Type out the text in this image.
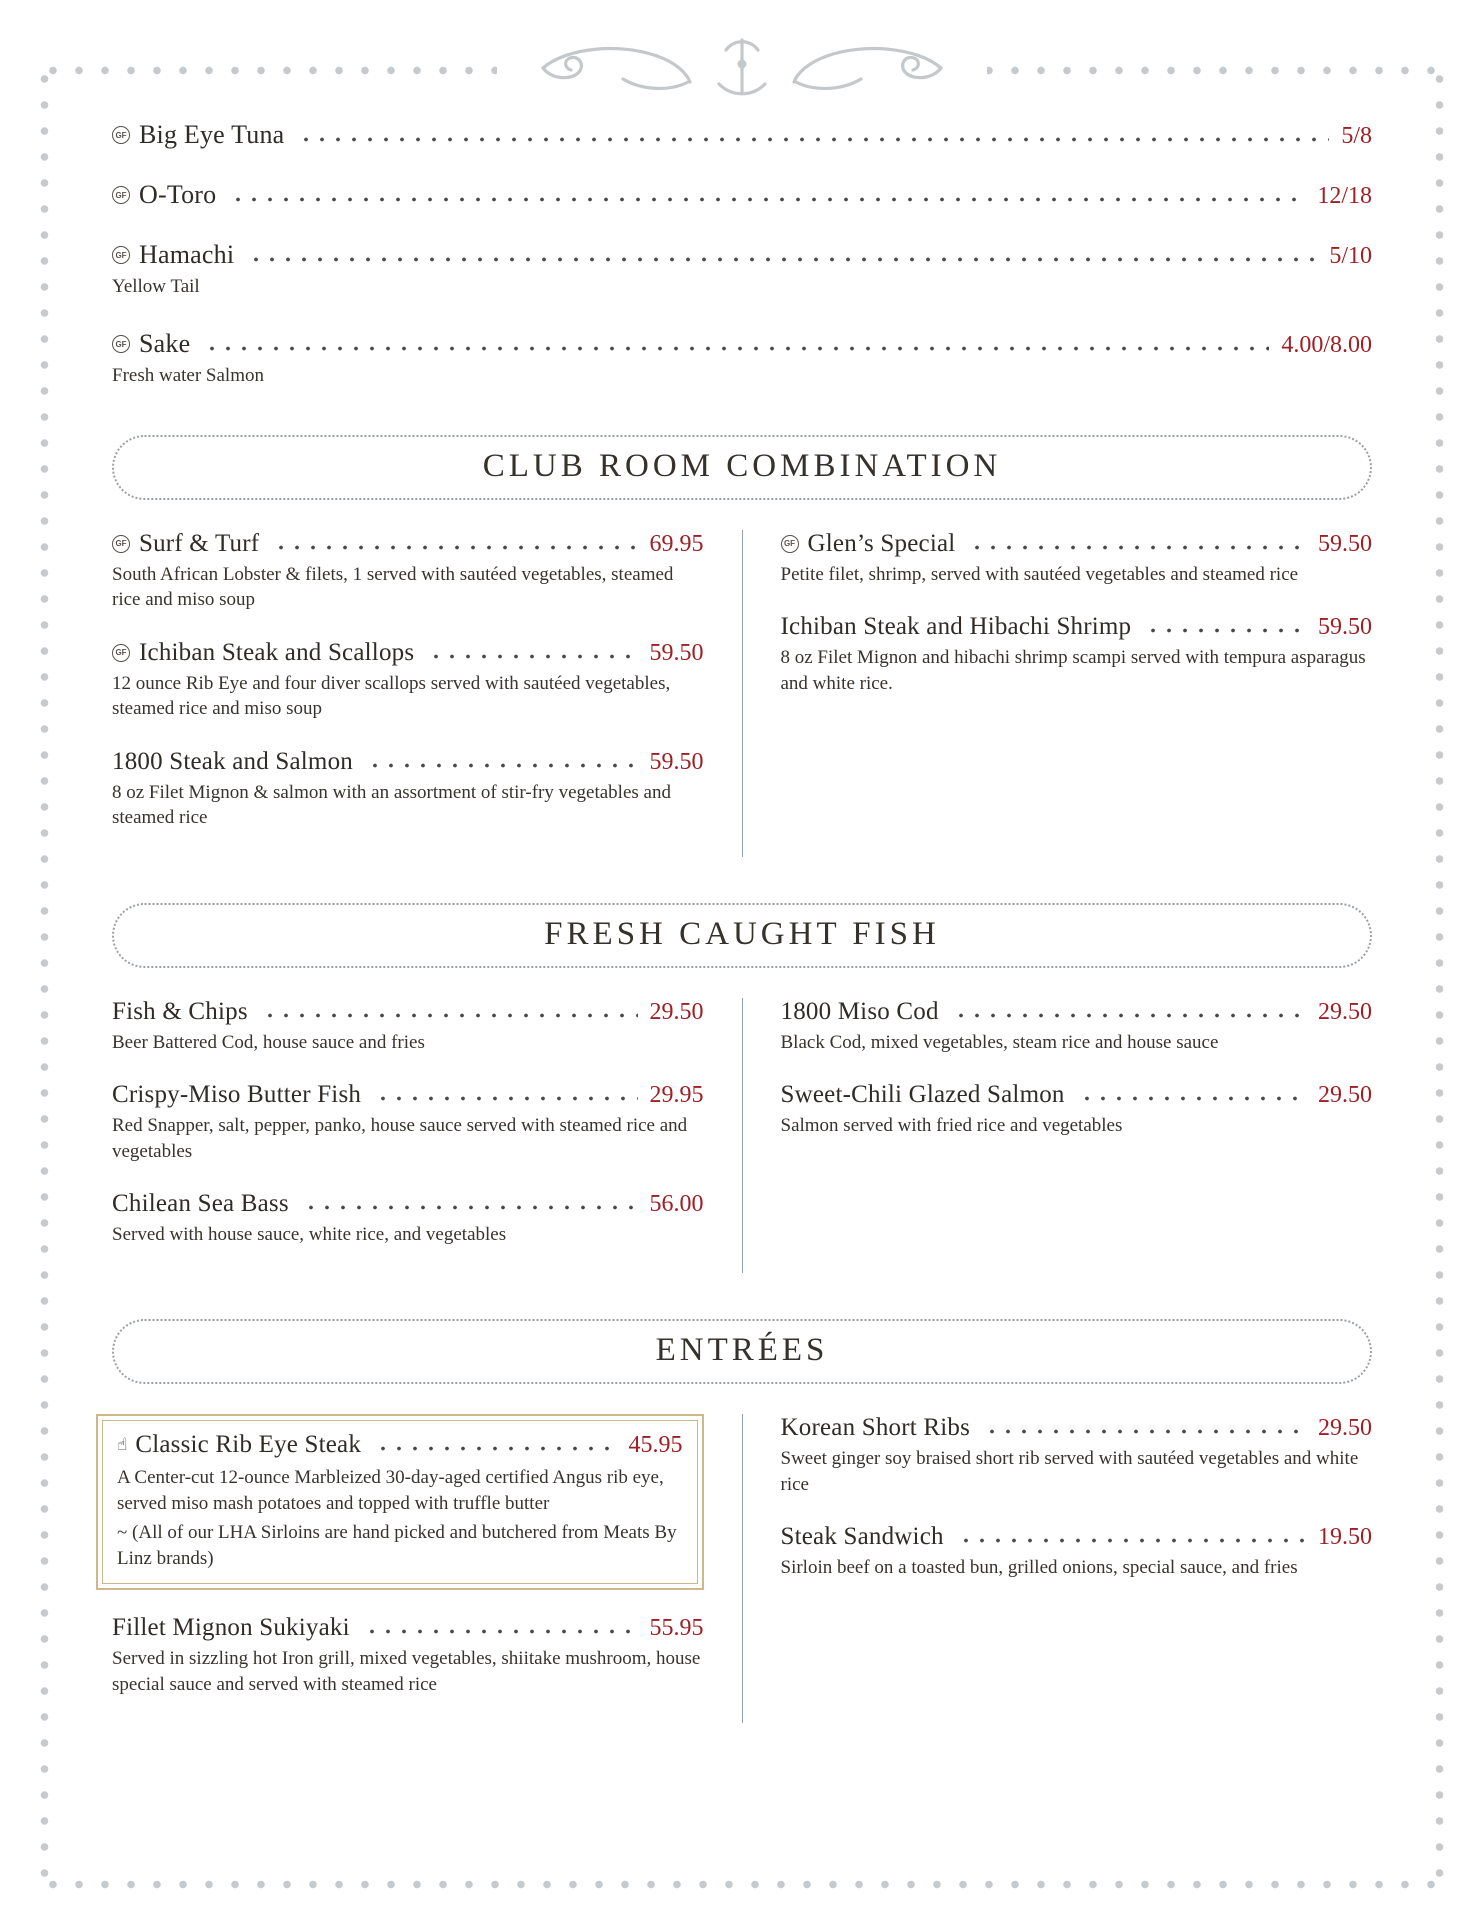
GF Big Eye Tuna	5/8
GF O-Toro	12/18
GF Hamachi	5/10
Yellow Tail
GF Sake	4.00/8.00
Fresh water Salmon
CLUB ROOM COMBINATION
GF Surf & Turf	69.95
South African Lobster & filets, 1 served with sautéed vegetables, steamed rice and miso soup
GF Ichiban Steak and Scallops	59.50
12 ounce Rib Eye and four diver scallops served with sautéed vegetables, steamed rice and miso soup
1800 Steak and Salmon	59.50
8 oz Filet Mignon & salmon with an assortment of stir-fry vegetables and steamed rice
GF Glen’s Special	59.50
Petite filet, shrimp, served with sautéed vegetables and steamed rice
Ichiban Steak and Hibachi Shrimp	59.50
8 oz Filet Mignon and hibachi shrimp scampi served with tempura asparagus and white rice.
FRESH CAUGHT FISH
Fish & Chips	29.50
Beer Battered Cod, house sauce and fries
Crispy-Miso Butter Fish	29.95
Red Snapper, salt, pepper, panko, house sauce served with steamed rice and vegetables
Chilean Sea Bass	56.00
Served with house sauce, white rice, and vegetables
1800 Miso Cod	29.50
Black Cod, mixed vegetables, steam rice and house sauce
Sweet-Chili Glazed Salmon	29.50
Salmon served with fried rice and vegetables
ENTRÉES
☝ Classic Rib Eye Steak	45.95
A Center-cut 12-ounce Marbleized 30-day-aged certified Angus rib eye, served miso mash potatoes and topped with truffle butter
~ (All of our LHA Sirloins are hand picked and butchered from Meats By Linz brands)
Fillet Mignon Sukiyaki	55.95
Served in sizzling hot Iron grill, mixed vegetables, shiitake mushroom, house special sauce and served with steamed rice
Korean Short Ribs	29.50
Sweet ginger soy braised short rib served with sautéed vegetables and white rice
Steak Sandwich	19.50
Sirloin beef on a toasted bun, grilled onions, special sauce, and fries
